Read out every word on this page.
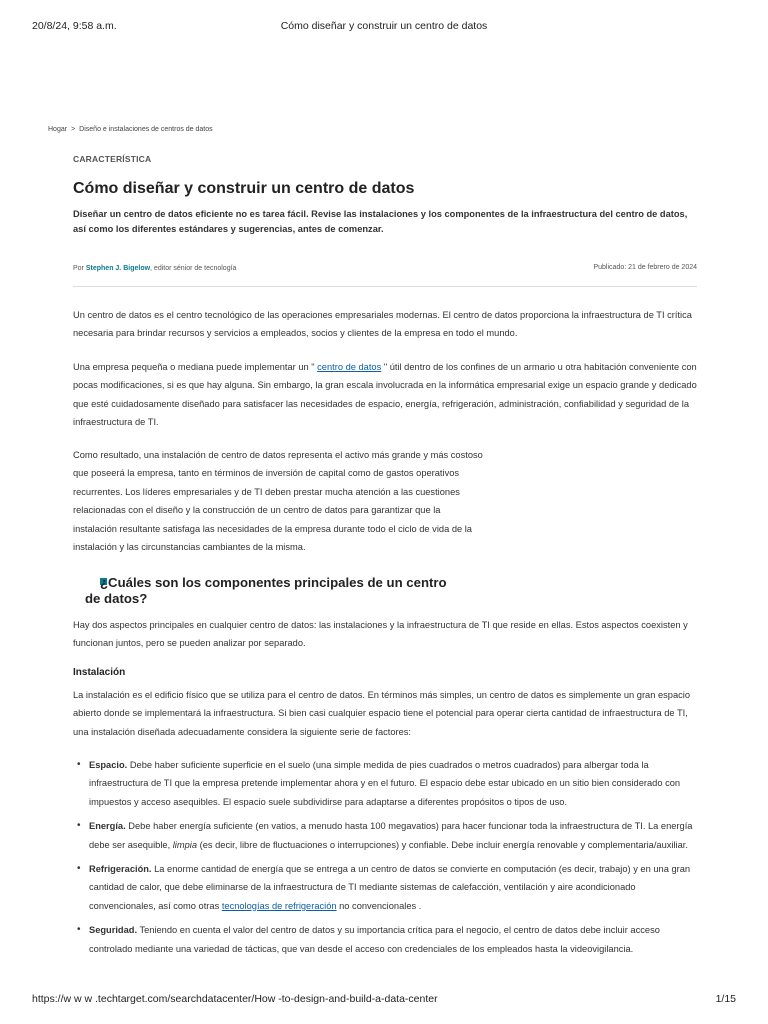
20/8/24, 9:58 a.m.	Cómo diseñar y construir un centro de datos
Hogar > Diseño e instalaciones de centros de datos
CARACTERÍSTICA
Cómo diseñar y construir un centro de datos

Diseñar un centro de datos eficiente no es tarea fácil. Revise las instalaciones y los componentes de la infraestructura del centro de datos, así como los diferentes estándares y sugerencias, antes de comenzar.

Por Stephen J. Bigelow, editor sénior de tecnología	Publicado: 21 de febrero de 2024

Un centro de datos es el centro tecnológico de las operaciones empresariales modernas. El centro de datos proporciona la infraestructura de TI crítica necesaria para brindar recursos y servicios a empleados, socios y clientes de la empresa en todo el mundo.

Una empresa pequeña o mediana puede implementar un " centro de datos " útil dentro de los confines de un armario u otra habitación conveniente con pocas modificaciones, si es que hay alguna. Sin embargo, la gran escala involucrada en la informática empresarial exige un espacio grande y dedicado que esté cuidadosamente diseñado para satisfacer las necesidades de espacio, energía, refrigeración, administración, confiabilidad y seguridad de la infraestructura de TI.

Como resultado, una instalación de centro de datos representa el activo más grande y más costoso que poseerá la empresa, tanto en términos de inversión de capital como de gastos operativos recurrentes. Los líderes empresariales y de TI deben prestar mucha atención a las cuestiones relacionadas con el diseño y la construcción de un centro de datos para garantizar que la instalación resultante satisfaga las necesidades de la empresa durante todo el ciclo de vida de la instalación y las circunstancias cambiantes de la misma.

Hay dos aspectos principales en cualquier centro de datos: las instalaciones y la infraestructura de TI que reside en ellas. Estos aspectos coexisten y funcionan juntos, pero se pueden analizar por separado.

Instalación

La instalación es el edificio físico que se utiliza para el centro de datos. En términos más simples, un centro de datos es simplemente un gran espacio abierto donde se implementará la infraestructura. Si bien casi cualquier espacio tiene el potencial para operar cierta cantidad de infraestructura de TI, una instalación diseñada adecuadamente considera la siguiente serie de factores:

• Espacio. Debe haber suficiente superficie en el suelo (una simple medida de pies cuadrados o metros cuadrados) para albergar toda la infraestructura de TI que la empresa pretende implementar ahora y en el futuro. El espacio debe estar ubicado en un sitio bien considerado con impuestos y acceso asequibles. El espacio suele subdividirse para adaptarse a diferentes propósitos o tipos de uso.
• Energía. Debe haber energía suficiente (en vatios, a menudo hasta 100 megavatios) para hacer funcionar toda la infraestructura de TI. La energía debe ser asequible, limpia (es decir, libre de fluctuaciones o interrupciones) y confiable. Debe incluir energía renovable y complementaria/auxiliar.
• Refrigeración. La enorme cantidad de energía que se entrega a un centro de datos se convierte en computación (es decir, trabajo) y en una gran cantidad de calor, que debe eliminarse de la infraestructura de TI mediante sistemas de calefacción, ventilación y aire acondicionado convencionales, así como otras tecnologías de refrigeración no convencionales .
• Seguridad. Teniendo en cuenta el valor del centro de datos y su importancia crítica para el negocio, el centro de datos debe incluir acceso controlado mediante una variedad de tácticas, que van desde el acceso con credenciales de los empleados hasta la videovigilancia.
¿Cuáles son los componentes principales de un centro de datos?
https://w w w .techtarget.com/searchdatacenter/How -to-design-and-build-a-data-center	1/15
